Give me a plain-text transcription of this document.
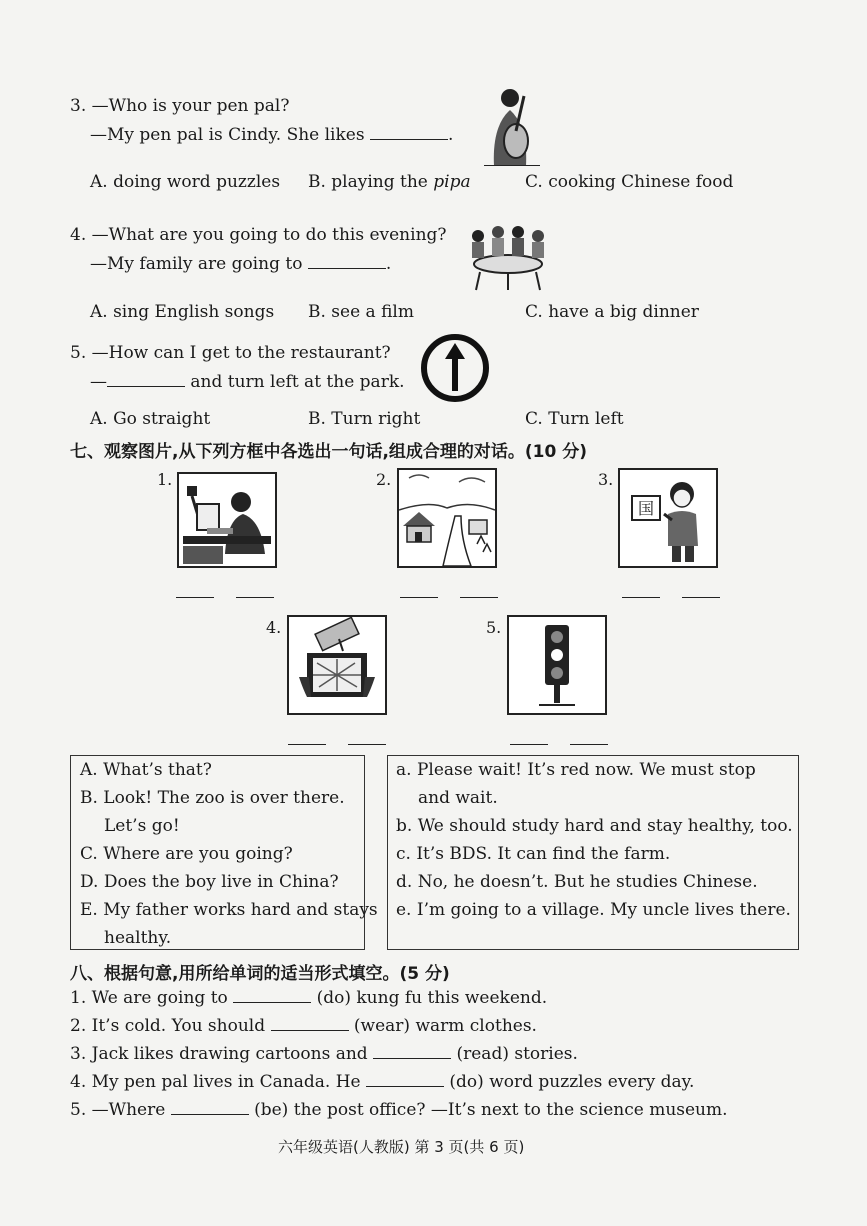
3. —Who is your pen pal?
—My pen pal is Cindy. She likes	.
A. doing word puzzles B. playing the pipa	C. cooking Chinese food
4. —What are you going to do this evening?
—My family are going to	.
A. sing English songs B. see a film	C. have a big dinner
5. —How can I get to the restaurant?
—	and turn left at the park.
A. Go straight	B. Turn right	C. Turn left
七、观察图片,从下列方框中各选出一句话,组成合理的对话。(10 分)
1.	2.	3.
国
4.	5.
A. What’s that?
B. Look! The zoo is over there.
Let’s go!
C. Where are you going?
D. Does the boy live in China?
E. My father works hard and stays
healthy.
a. Please wait! It’s red now. We must stop
and wait.
b. We should study hard and stay healthy, too.
c. It’s BDS. It can find the farm.
d. No, he doesn’t. But he studies Chinese.
e. I’m going to a village. My uncle lives there.
八、根据句意,用所给单词的适当形式填空。(5 分)
1. We are going to	(do) kung fu this weekend.
2. It’s cold. You should	(wear) warm clothes.
3. Jack likes drawing cartoons and	(read) stories.
4. My pen pal lives in Canada. He	(do) word puzzles every day.
5. —Where	(be) the post office? —It’s next to the science museum.
六年级英语(人教版) 第 3 页(共 6 页)
